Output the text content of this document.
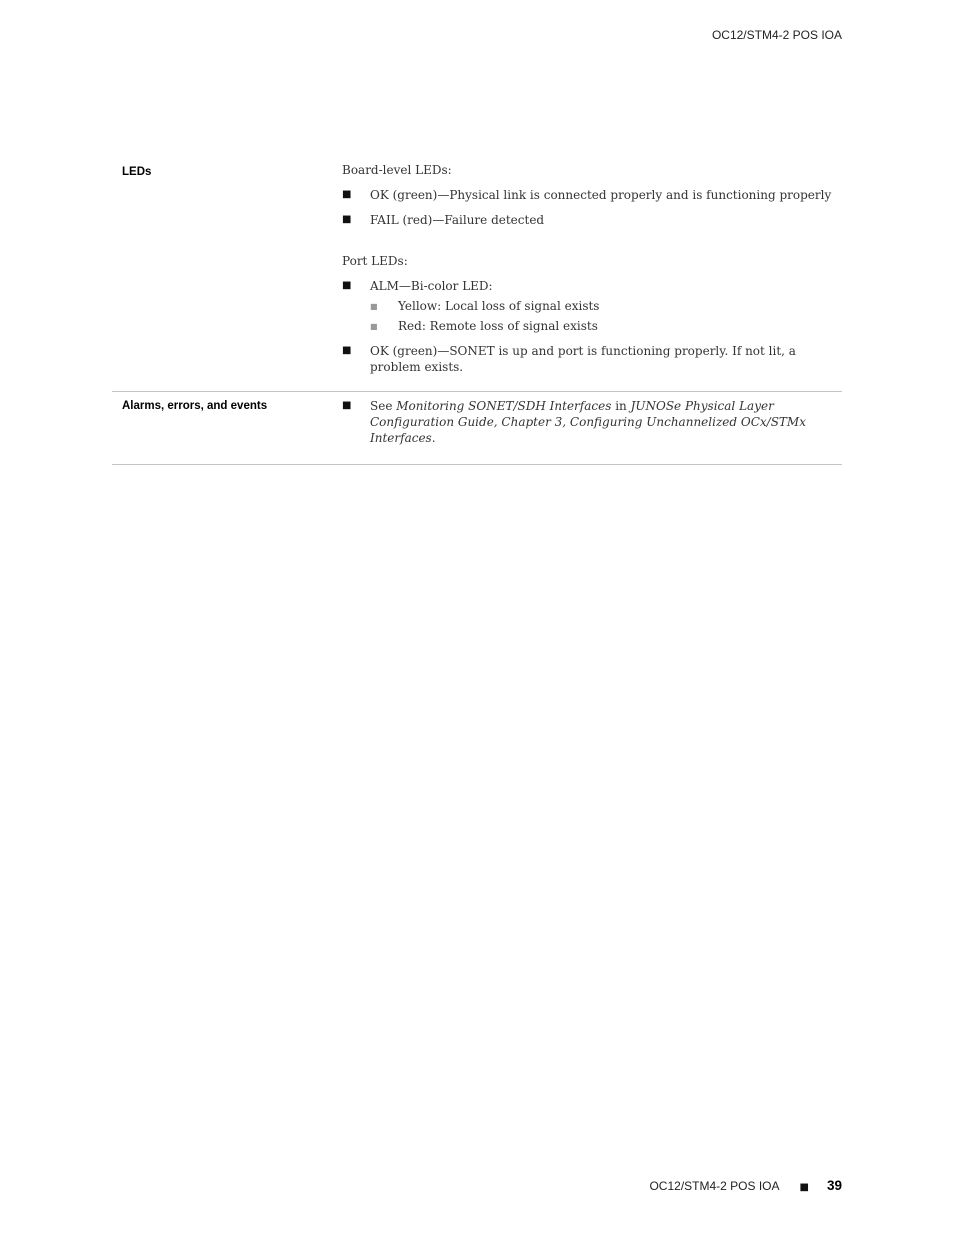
OC12/STM4-2 POS IOA
LEDs	Board-level LEDs:
■ OK (green)—Physical link is connected properly and is functioning properly
■ FAIL (red)—Failure detected
Port LEDs:
■ ALM—Bi-color LED:
■ Yellow: Local loss of signal exists
■ Red: Remote loss of signal exists
■ OK (green)—SONET is up and port is functioning properly. If not lit, a problem exists.
Alarms, errors, and events	■ See Monitoring SONET/SDH Interfaces in JUNOSe Physical Layer Configuration Guide, Chapter 3, Configuring Unchannelized OCx/STMx Interfaces.
OC12/STM4-2 POS IOA ■ 39
